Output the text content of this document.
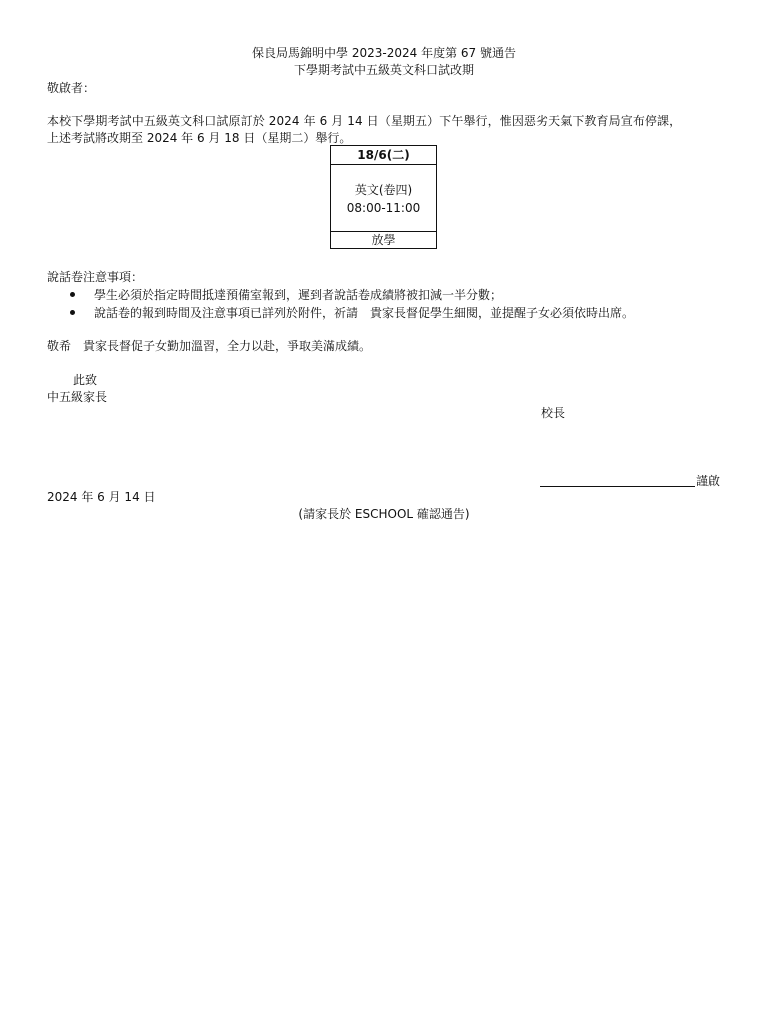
保良局馬錦明中學 2023-2024 年度第 67 號通告
下學期考試中五級英文科口試改期
敬啟者：
本校下學期考試中五級英文科口試原訂於 2024 年 6 月 14 日（星期五）下午舉行，惟因惡劣天氣下教育局宣布停課，
上述考試將改期至 2024 年 6 月 18 日（星期二）舉行。
18/6(二)
英文(卷四)
08:00-11:00
放學
說話卷注意事項：
學生必須於指定時間抵達預備室報到，遲到者說話卷成績將被扣減一半分數；
說話卷的報到時間及注意事項已詳列於附件，祈請　貴家長督促學生細閱，並提醒子女必須依時出席。
敬希　貴家長督促子女勤加溫習，全力以赴，爭取美滿成績。
此致
中五級家長
校長
謹啟
2024 年 6 月 14 日
(請家長於 ESCHOOL 確認通告)
